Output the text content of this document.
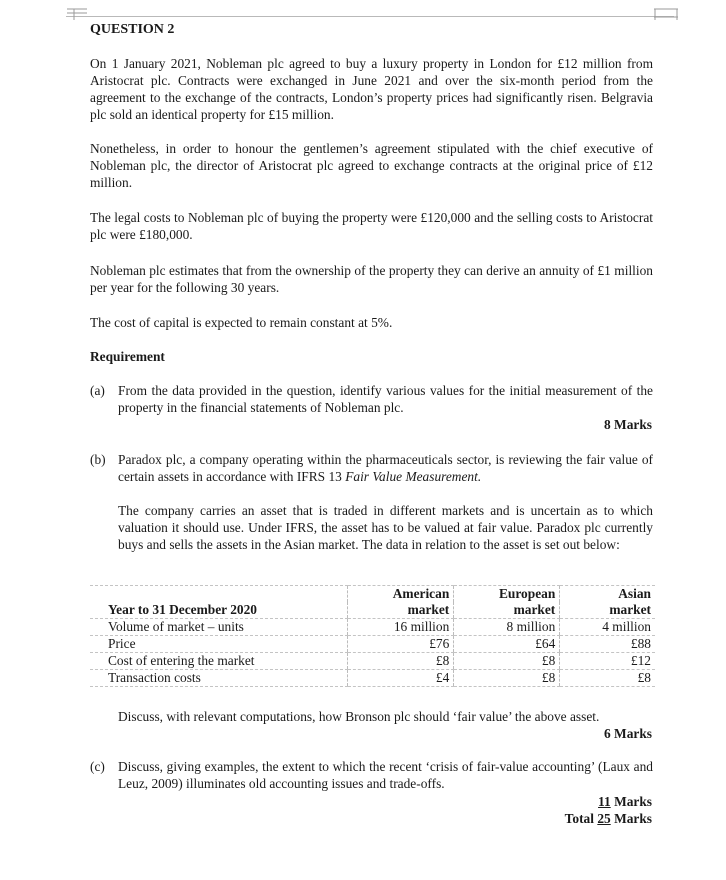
QUESTION 2
On 1 January 2021, Nobleman plc agreed to buy a luxury property in London for £12 million from Aristocrat plc. Contracts were exchanged in June 2021 and over the six-month period from the agreement to the exchange of the contracts, London’s property prices had significantly risen. Belgravia plc sold an identical property for £15 million.
Nonetheless, in order to honour the gentlemen’s agreement stipulated with the chief executive of Nobleman plc, the director of Aristocrat plc agreed to exchange contracts at the original price of £12 million.
The legal costs to Nobleman plc of buying the property were £120,000 and the selling costs to Aristocrat plc were £180,000.
Nobleman plc estimates that from the ownership of the property they can derive an annuity of £1 million per year for the following 30 years.
The cost of capital is expected to remain constant at 5%.
Requirement
(a) From the data provided in the question, identify various values for the initial measurement of the property in the financial statements of Nobleman plc.
8 Marks
(b) Paradox plc, a company operating within the pharmaceuticals sector, is reviewing the fair value of certain assets in accordance with IFRS 13 Fair Value Measurement.
The company carries an asset that is traded in different markets and is uncertain as to which valuation it should use. Under IFRS, the asset has to be valued at fair value. Paradox plc currently buys and sells the assets in the Asian market. The data in relation to the asset is set out below:
	American	European	Asian
Year to 31 December 2020	market	market	market
Volume of market – units	16 million	8 million	4 million
Price	£76	£64	£88
Cost of entering the market	£8	£8	£12
Transaction costs	£4	£8	£8
Discuss, with relevant computations, how Bronson plc should ‘fair value’ the above asset.
6 Marks
(c) Discuss, giving examples, the extent to which the recent ‘crisis of fair-value accounting’ (Laux and Leuz, 2009) illuminates old accounting issues and trade-offs.
11 Marks
Total 25 Marks
